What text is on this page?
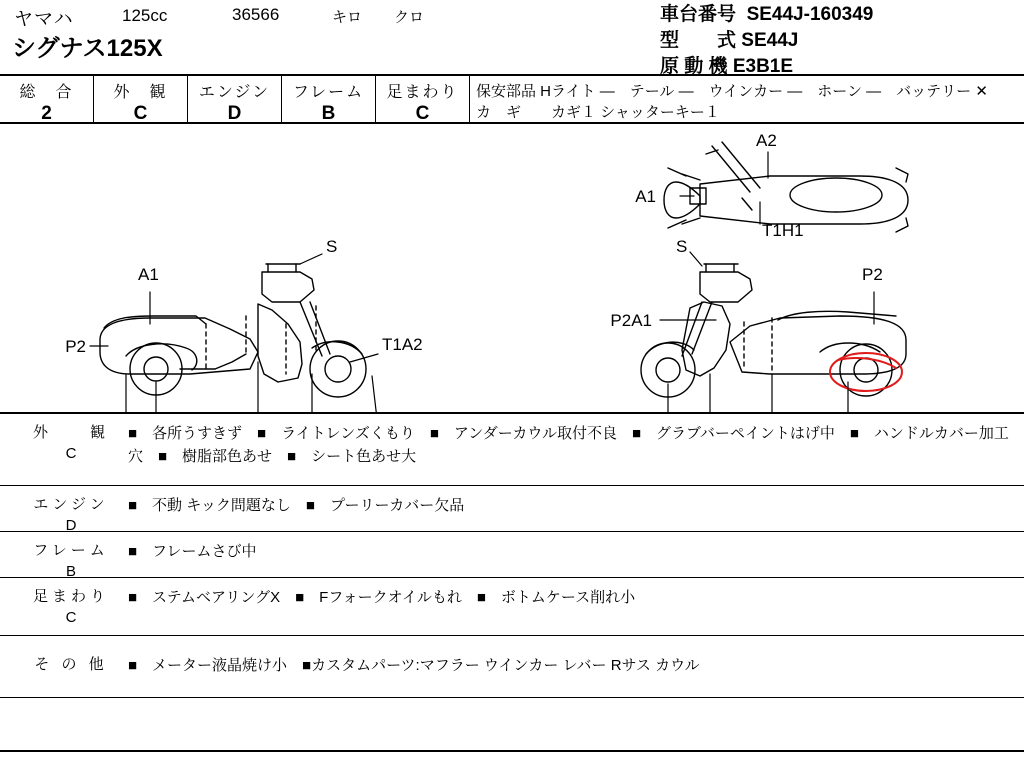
ヤマハ	125cc	36566	キロ クロ
シグナス125X
車台番号 SE44J-160349
型　　式 SE44J
原 動 機 E3B1E
総　合
2
外　観
C
エンジン
D
フレーム
B
足まわり
C
保安部品 Hライト ―　テール ―　ウインカー ―　ホーン ―　バッテリー ✕
カ　ギ　　カギ１ シャッターキー１
A2
A1
T1H1
S
A1
P2	T1A2
S
P2A1
P2
外　　観
C
■　各所うすきず　■　ライトレンズくもり　■　アンダーカウル取付不良　■　グラブバーペイントはげ中　■　ハンドルカバー加工穴　■　樹脂部色あせ　■　シート色あせ大
エンジン
D
■　不動 キック問題なし　■　プーリーカバー欠品
フレーム
B
■　フレームさび中
足まわり
C
■　ステムベアリングX　■　Fフォークオイルもれ　■　ボトムケース削れ小
そ の 他	■　メーター液晶焼け小　■カスタムパーツ:マフラー ウインカー レバー Rサス カウル
